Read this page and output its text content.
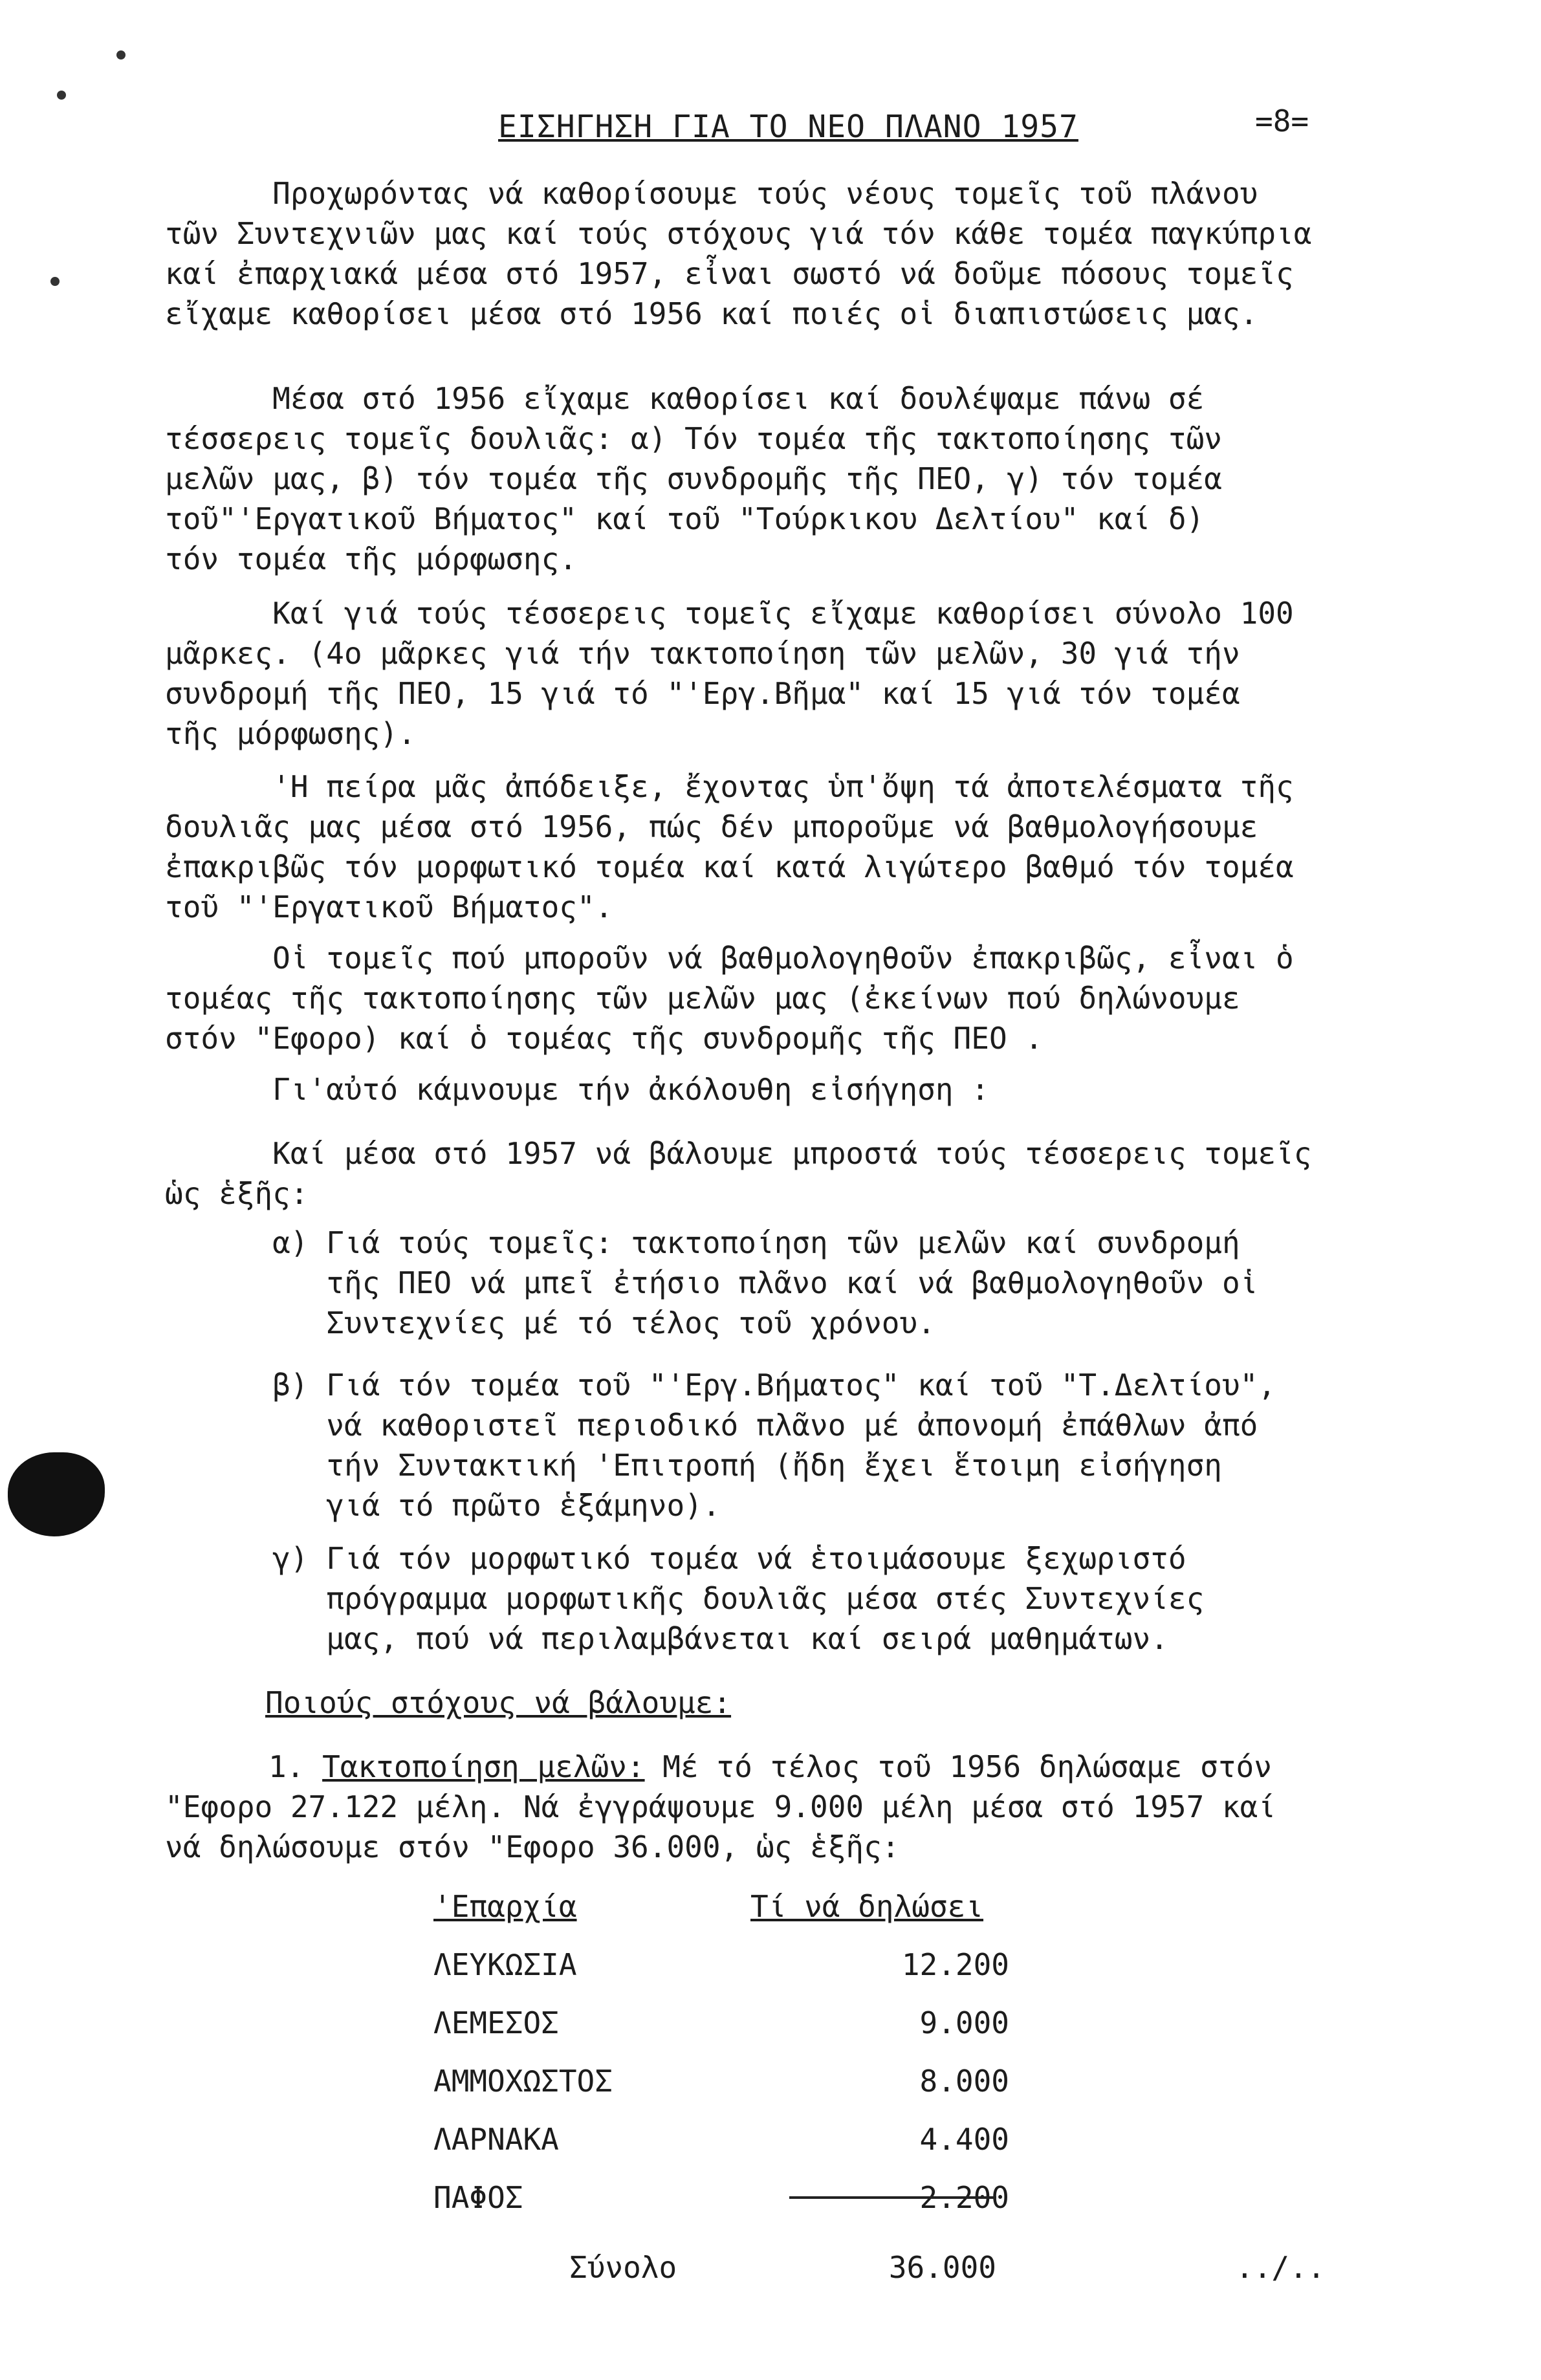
ΕΙΣΗΓΗΣΗ ΓΙΑ ΤΟ ΝΕΟ ΠΛΑΝΟ 1957	=8=
Προχωρόντας νά καθορίσουμε τούς νέους τομεῖς τοῦ πλάνου
τῶν Συντεχνιῶν μας καί τούς στόχους γιά τόν κάθε τομέα παγκύπρια
καί ἐπαρχιακά μέσα στό 1957, εἶναι σωστό νά δοῦμε πόσους τομεῖς
εἴχαμε καθορίσει μέσα στό 1956 καί ποιές οἱ διαπιστώσεις μας.
Μέσα στό 1956 εἴχαμε καθορίσει καί δουλέψαμε πάνω σέ
τέσσερεις τομεῖς δουλιᾶς: α) Τόν τομέα τῆς τακτοποίησης τῶν
μελῶν μας, β) τόν τομέα τῆς συνδρομῆς τῆς ΠΕΟ, γ) τόν τομέα
τοῦ"'Εργατικοῦ Βήματος" καί τοῦ "Τούρκικου Δελτίου" καί δ)
τόν τομέα τῆς μόρφωσης.
Καί γιά τούς τέσσερεις τομεῖς εἴχαμε καθορίσει σύνολο 100
μᾶρκες. (4ο μᾶρκες γιά τήν τακτοποίηση τῶν μελῶν, 30 γιά τήν
συνδρομή τῆς ΠΕΟ, 15 γιά τό "'Εργ.Βῆμα" καί 15 γιά τόν τομέα
τῆς μόρφωσης).
'Η πείρα μᾶς ἀπόδειξε, ἔχοντας ὑπ'ὄψη τά ἀποτελέσματα τῆς
δουλιᾶς μας μέσα στό 1956, πώς δέν μποροῦμε νά βαθμολογήσουμε
ἐπακριβῶς τόν μορφωτικό τομέα καί κατά λιγώτερο βαθμό τόν τομέα
τοῦ "'Εργατικοῦ Βήματος".
Οἱ τομεῖς πού μποροῦν νά βαθμολογηθοῦν ἐπακριβῶς, εἶναι ὁ
τομέας τῆς τακτοποίησης τῶν μελῶν μας (ἐκείνων πού δηλώνουμε
στόν "Εφορο) καί ὁ τομέας τῆς συνδρομῆς τῆς ΠΕΟ .
Γι'αὐτό κάμνουμε τήν ἀκόλουθη εἰσήγηση :
Καί μέσα στό 1957 νά βάλουμε μπροστά τούς τέσσερεις τομεῖς
ὡς ἑξῆς:
α) Γιά τούς τομεῖς: τακτοποίηση τῶν μελῶν καί συνδρομή
τῆς ΠΕΟ νά μπεῖ ἐτήσιο πλᾶνο καί νά βαθμολογηθοῦν οἱ
Συντεχνίες μέ τό τέλος τοῦ χρόνου.
β) Γιά τόν τομέα τοῦ "'Εργ.Βήματος" καί τοῦ "Τ.Δελτίου",
νά καθοριστεῖ περιοδικό πλᾶνο μέ ἀπονομή ἐπάθλων ἀπό
τήν Συντακτική 'Επιτροπή (ἤδη ἔχει ἕτοιμη εἰσήγηση
γιά τό πρῶτο ἑξάμηνο).
γ) Γιά τόν μορφωτικό τομέα νά ἑτοιμάσουμε ξεχωριστό
πρόγραμμα μορφωτικῆς δουλιᾶς μέσα στές Συντεχνίες
μας, πού νά περιλαμβάνεται καί σειρά μαθημάτων.
Ποιούς στόχους νά βάλουμε:
1. Τακτοποίηση μελῶν: Μέ τό τέλος τοῦ 1956 δηλώσαμε στόν
"Εφορο 27.122 μέλη. Νά ἐγγράψουμε 9.000 μέλη μέσα στό 1957 καί
νά δηλώσουμε στόν "Εφορο 36.000, ὡς ἑξῆς:
'Επαρχία	Τί νά δηλώσει
ΛΕΥΚΩΣΙΑ	12.200
ΛΕΜΕΣΟΣ	9.000
ΑΜΜΟΧΩΣΤΟΣ	8.000
ΛΑΡΝΑΚΑ	4.400
ΠΑΦΟΣ	2.200
Σύνολο	36.000	../..
